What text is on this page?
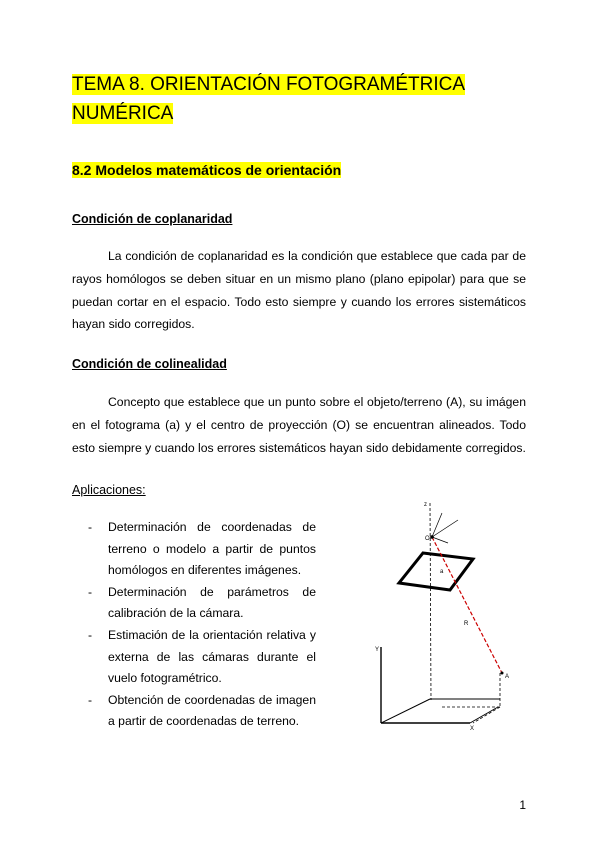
TEMA 8. ORIENTACIÓN FOTOGRAMÉTRICA
NUMÉRICA
8.2 Modelos matemáticos de orientación
Condición de coplanaridad
La condición de coplanaridad es la condición que establece que cada par de rayos homólogos se deben situar en un mismo plano (plano epipolar) para que se puedan cortar en el espacio. Todo esto siempre y cuando los errores sistemáticos hayan sido corregidos.
Condición de colinealidad
Concepto que establece que un punto sobre el objeto/terreno (A), su imágen en el fotograma (a) y el centro de proyección (O) se encuentran alineados. Todo esto siempre y cuando los errores sistemáticos hayan sido debidamente corregidos.
Aplicaciones:
- Determinación de coordenadas de terreno o modelo a partir de puntos homólogos en diferentes imágenes.
- Determinación de parámetros de calibración de la cámara.
- Estimación de la orientación relativa y externa de las cámaras durante el vuelo fotogramétrico.
- Obtención de coordenadas de imagen a partir de coordenadas de terreno.
z
O
a
R
A
Y
X
1
